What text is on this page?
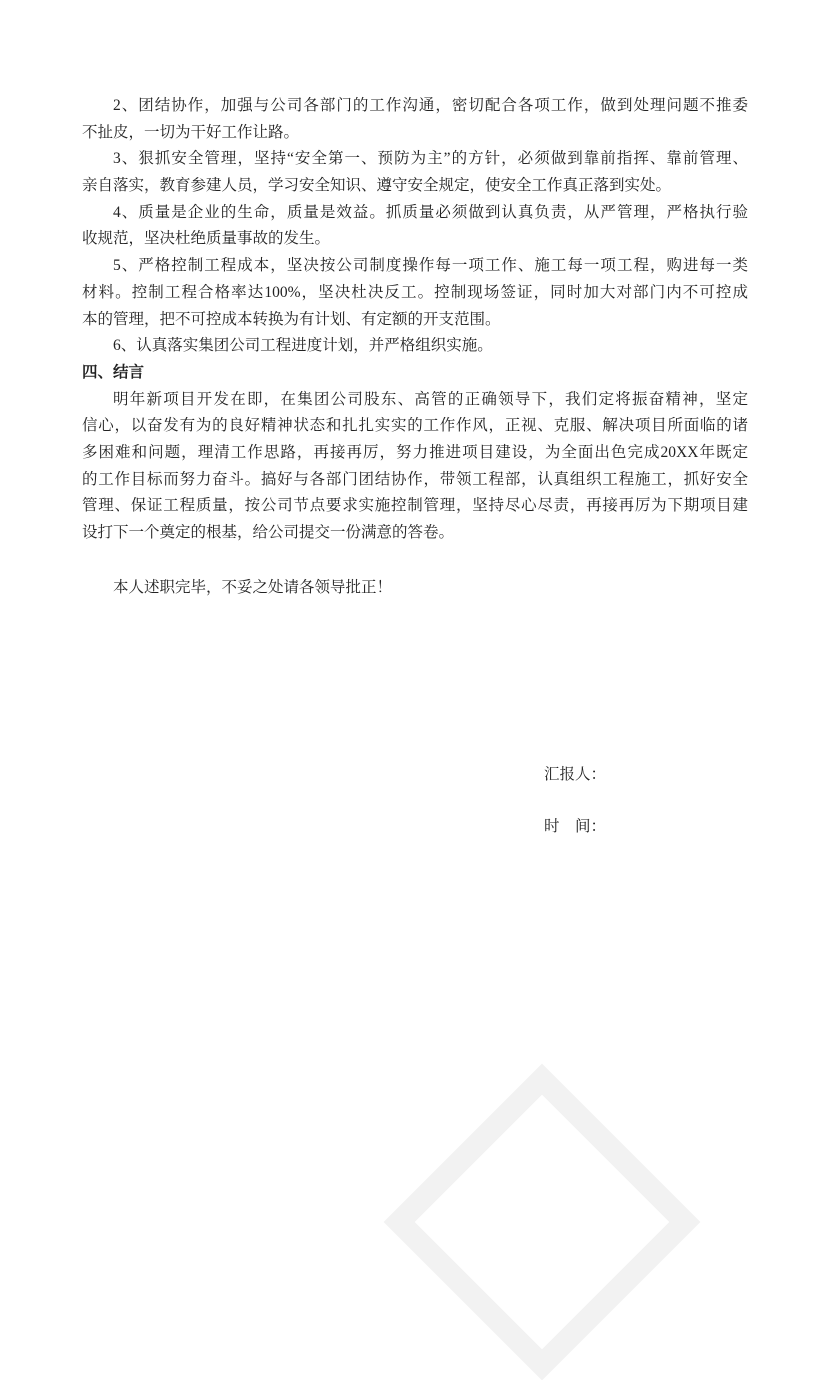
2、团结协作，加强与公司各部门的工作沟通，密切配合各项工作，做到处理问题不推委
不扯皮，一切为干好工作让路。
3、狠抓安全管理，坚持“安全第一、预防为主”的方针，必须做到靠前指挥、靠前管理、
亲自落实，教育参建人员，学习安全知识、遵守安全规定，使安全工作真正落到实处。
4、质量是企业的生命，质量是效益。抓质量必须做到认真负责，从严管理，严格执行验
收规范，坚决杜绝质量事故的发生。
5、严格控制工程成本，坚决按公司制度操作每一项工作、施工每一项工程，购进每一类
材料。控制工程合格率达100%，坚决杜决反工。控制现场签证，同时加大对部门内不可控成
本的管理，把不可控成本转换为有计划、有定额的开支范围。
6、认真落实集团公司工程进度计划，并严格组织实施。
四、结言
明年新项目开发在即，在集团公司股东、高管的正确领导下，我们定将振奋精神，坚定
信心，以奋发有为的良好精神状态和扎扎实实的工作作风，正视、克服、解决项目所面临的诸
多困难和问题，理清工作思路，再接再厉，努力推进项目建设，为全面出色完成20XX年既定
的工作目标而努力奋斗。搞好与各部门团结协作，带领工程部，认真组织工程施工，抓好安全
管理、保证工程质量，按公司节点要求实施控制管理，坚持尽心尽责，再接再厉为下期项目建
设打下一个奠定的根基，给公司提交一份满意的答卷。
本人述职完毕，不妥之处请各领导批正！
汇报人：
时　间：
